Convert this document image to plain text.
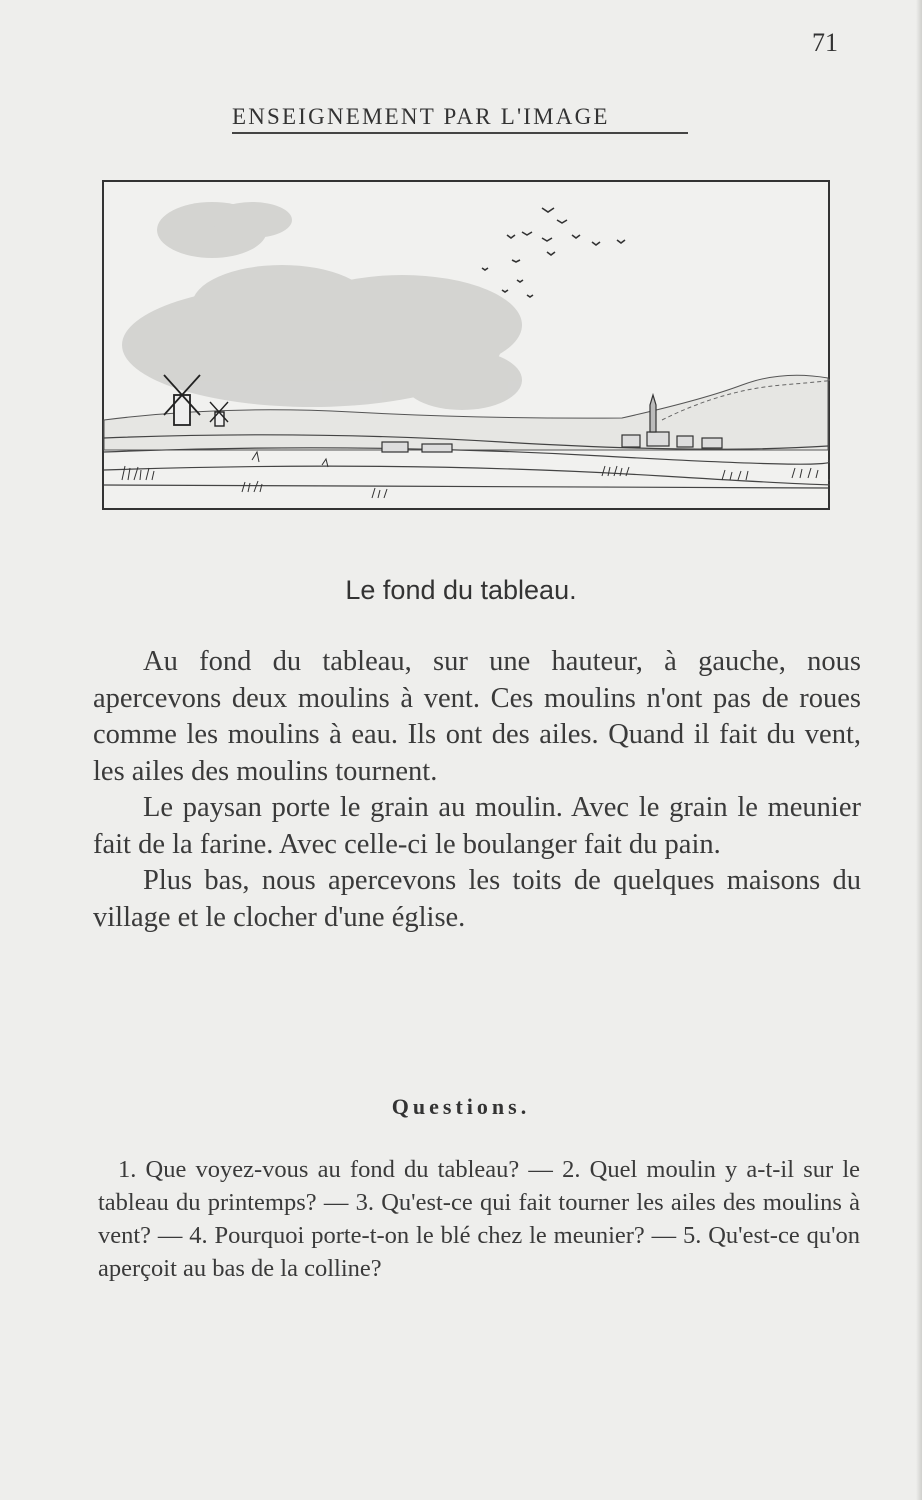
71
ENSEIGNEMENT PAR L'IMAGE
Le fond du tableau.

Au fond du tableau, sur une hauteur, à gauche, nous apercevons deux moulins à vent. Ces moulins n'ont pas de roues comme les moulins à eau. Ils ont des ailes. Quand il fait du vent, les ailes des moulins tournent.

Le paysan porte le grain au moulin. Avec le grain le meunier fait de la farine. Avec celle-ci le boulanger fait du pain.

Plus bas, nous apercevons les toits de quelques maisons du village et le clocher d'une église.

Questions.

1. Que voyez-vous au fond du tableau? — 2. Quel moulin y a-t-il sur le tableau du printemps? — 3. Qu'est-ce qui fait tourner les ailes des moulins à vent? — 4. Pourquoi porte-t-on le blé chez le meunier? — 5. Qu'est-ce qu'on aperçoit au bas de la colline?
